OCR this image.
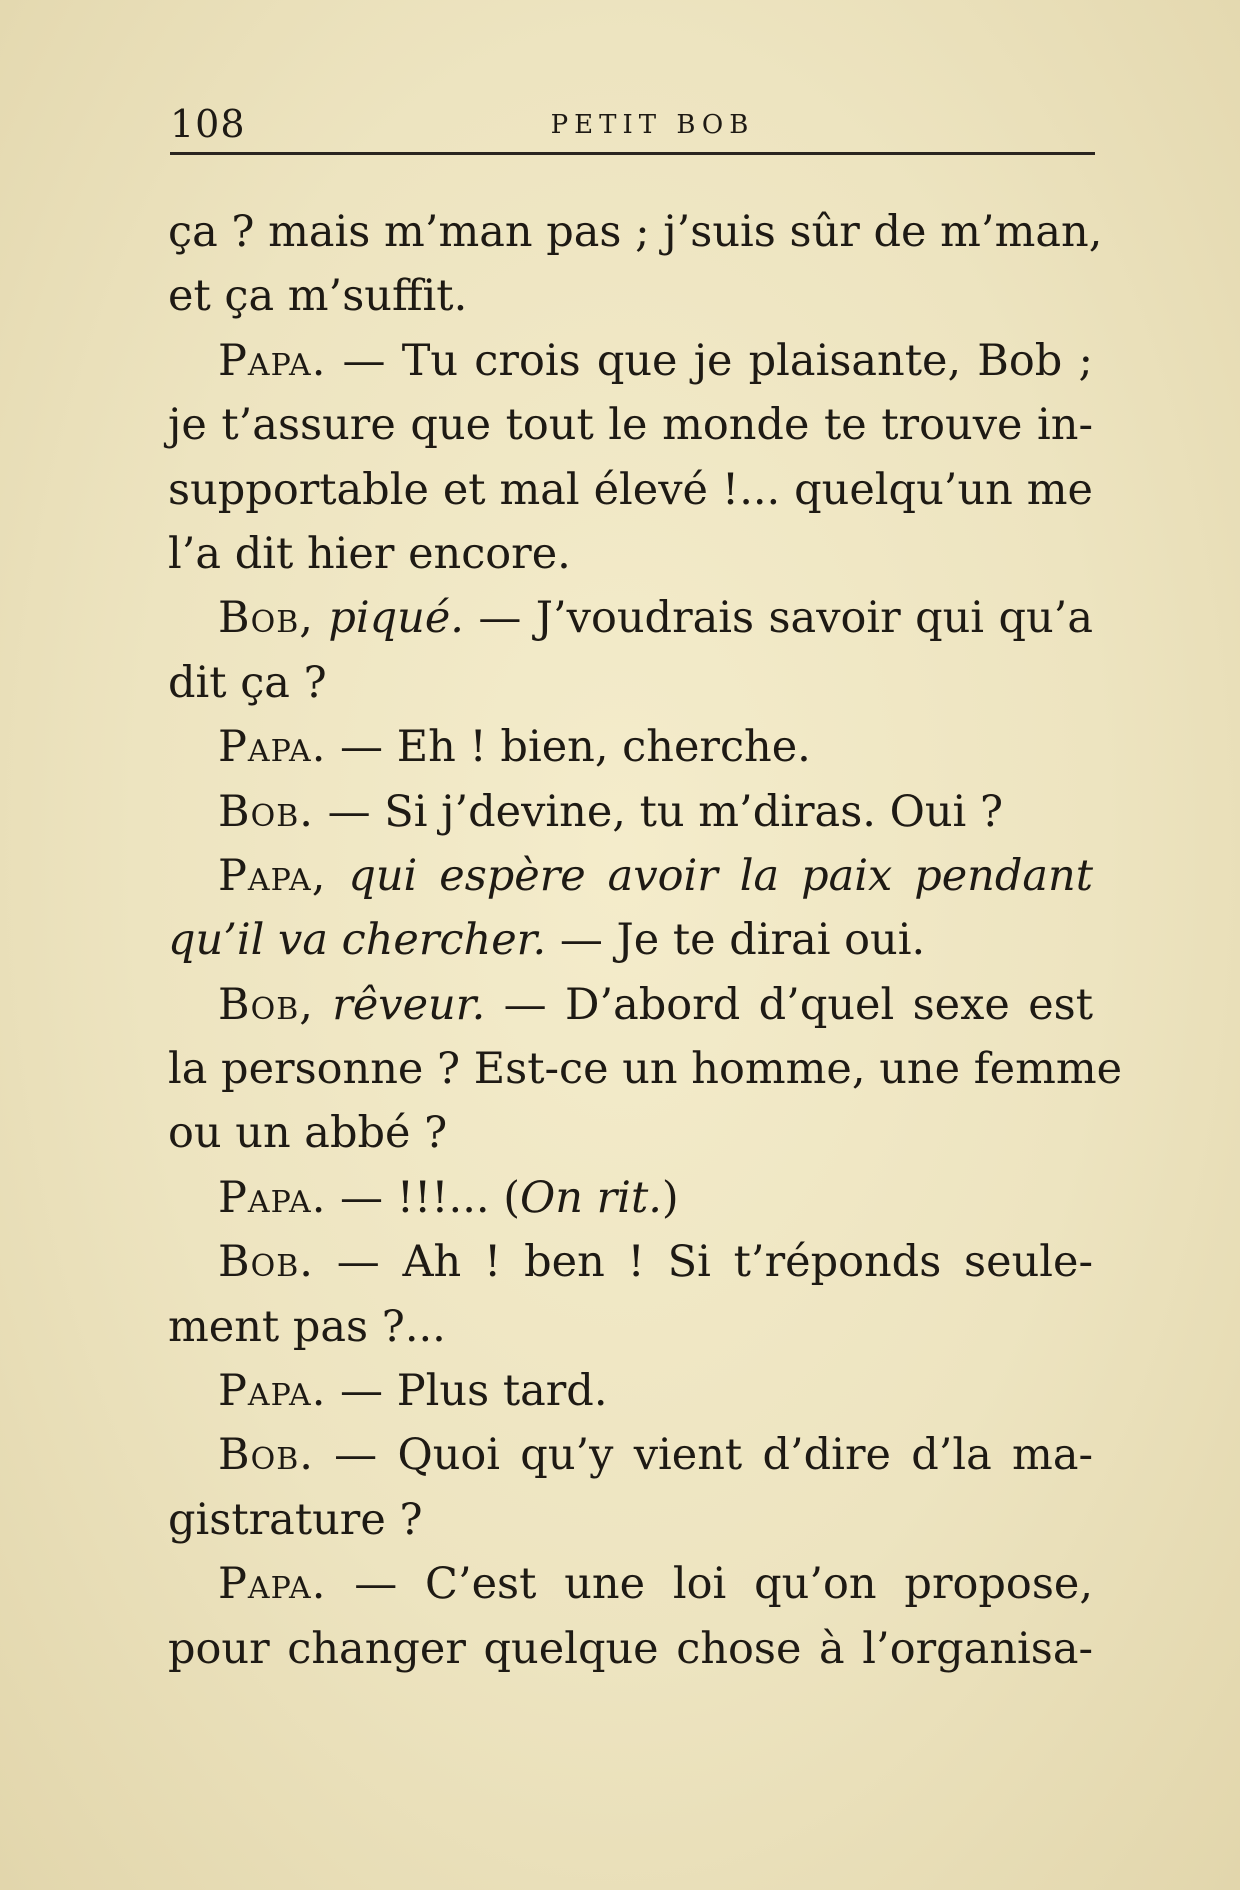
108	PETIT BOB
ça ? mais m’man pas ; j’suis sûr de m’man,
et ça m’suffit.
Papa. — Tu crois que je plaisante, Bob ;
je t’assure que tout le monde te trouve in-
supportable et mal élevé !... quelqu’un me
l’a dit hier encore.
Bob, piqué. — J’voudrais savoir qui qu’a
dit ça ?
Papa. — Eh ! bien, cherche.
Bob. — Si j’devine, tu m’diras. Oui ?
Papa, qui espère avoir la paix pendant
qu’il va chercher. — Je te dirai oui.
Bob, rêveur. — D’abord d’quel sexe est
la personne ? Est-ce un homme, une femme
ou un abbé ?
Papa. — !!!... (On rit.)
Bob. — Ah ! ben ! Si t’réponds seule-
ment pas ?...
Papa. — Plus tard.
Bob. — Quoi qu’y vient d’dire d’la ma-
gistrature ?
Papa. — C’est une loi qu’on propose,
pour changer quelque chose à l’organisa-
